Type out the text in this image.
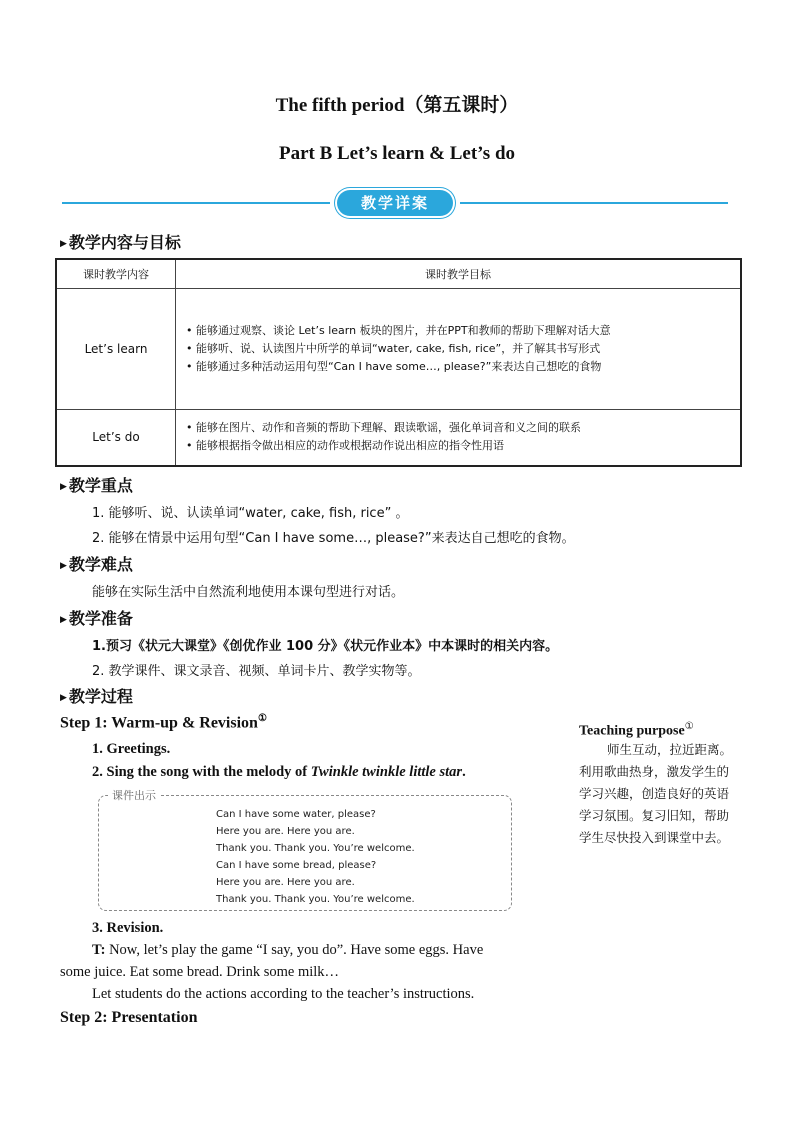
The fifth period（第五课时）
Part B Let’s learn & Let’s do
教学详案
▶ 教学内容与目标
课时教学内容	课时教学目标
Let’s learn	• 能够通过观察、谈论 Let’s learn 板块的图片，并在PPT和教师的帮助下理解对话大意
• 能够听、说、认读图片中所学的单词“water, cake, fish, rice”，并了解其书写形式
• 能够通过多种活动运用句型“Can I have some…, please?”来表达自己想吃的食物

Let’s do	• 能够在图片、动作和音频的帮助下理解、跟读歌谣，强化单词音和义之间的联系
• 能够根据指令做出相应的动作或根据动作说出相应的指令性用语
▶ 教学重点
1. 能够听、说、认读单词“water, cake, fish, rice” 。
2. 能够在情景中运用句型“Can I have some…, please?”来表达自己想吃的食物。
▶ 教学难点
能够在实际生活中自然流利地使用本课句型进行对话。
▶ 教学准备
1.预习《状元大课堂》《创优作业 100 分》《状元作业本》中本课时的相关内容。
2. 教学课件、课文录音、视频、单词卡片、教学实物等。
▶ 教学过程
Step 1: Warm-up & Revision①
1. Greetings.
2. Sing the song with the melody of Twinkle twinkle little star.
课件出示
Can I have some water, please?
Here you are. Here you are.
Thank you. Thank you. You’re welcome.
Can I have some bread, please?
Here you are. Here you are.
Thank you. Thank you. You’re welcome.
3. Revision.
T: Now, let’s play the game “I say, you do”. Have some eggs. Have
some juice. Eat some bread. Drink some milk…
Let students do the actions according to the teacher’s instructions.
Step 2: Presentation
Teaching purpose①
师生互动，拉近距离。
利用歌曲热身，激发学生的
学习兴趣，创造良好的英语
学习氛围。复习旧知，帮助
学生尽快投入到课堂中去。
